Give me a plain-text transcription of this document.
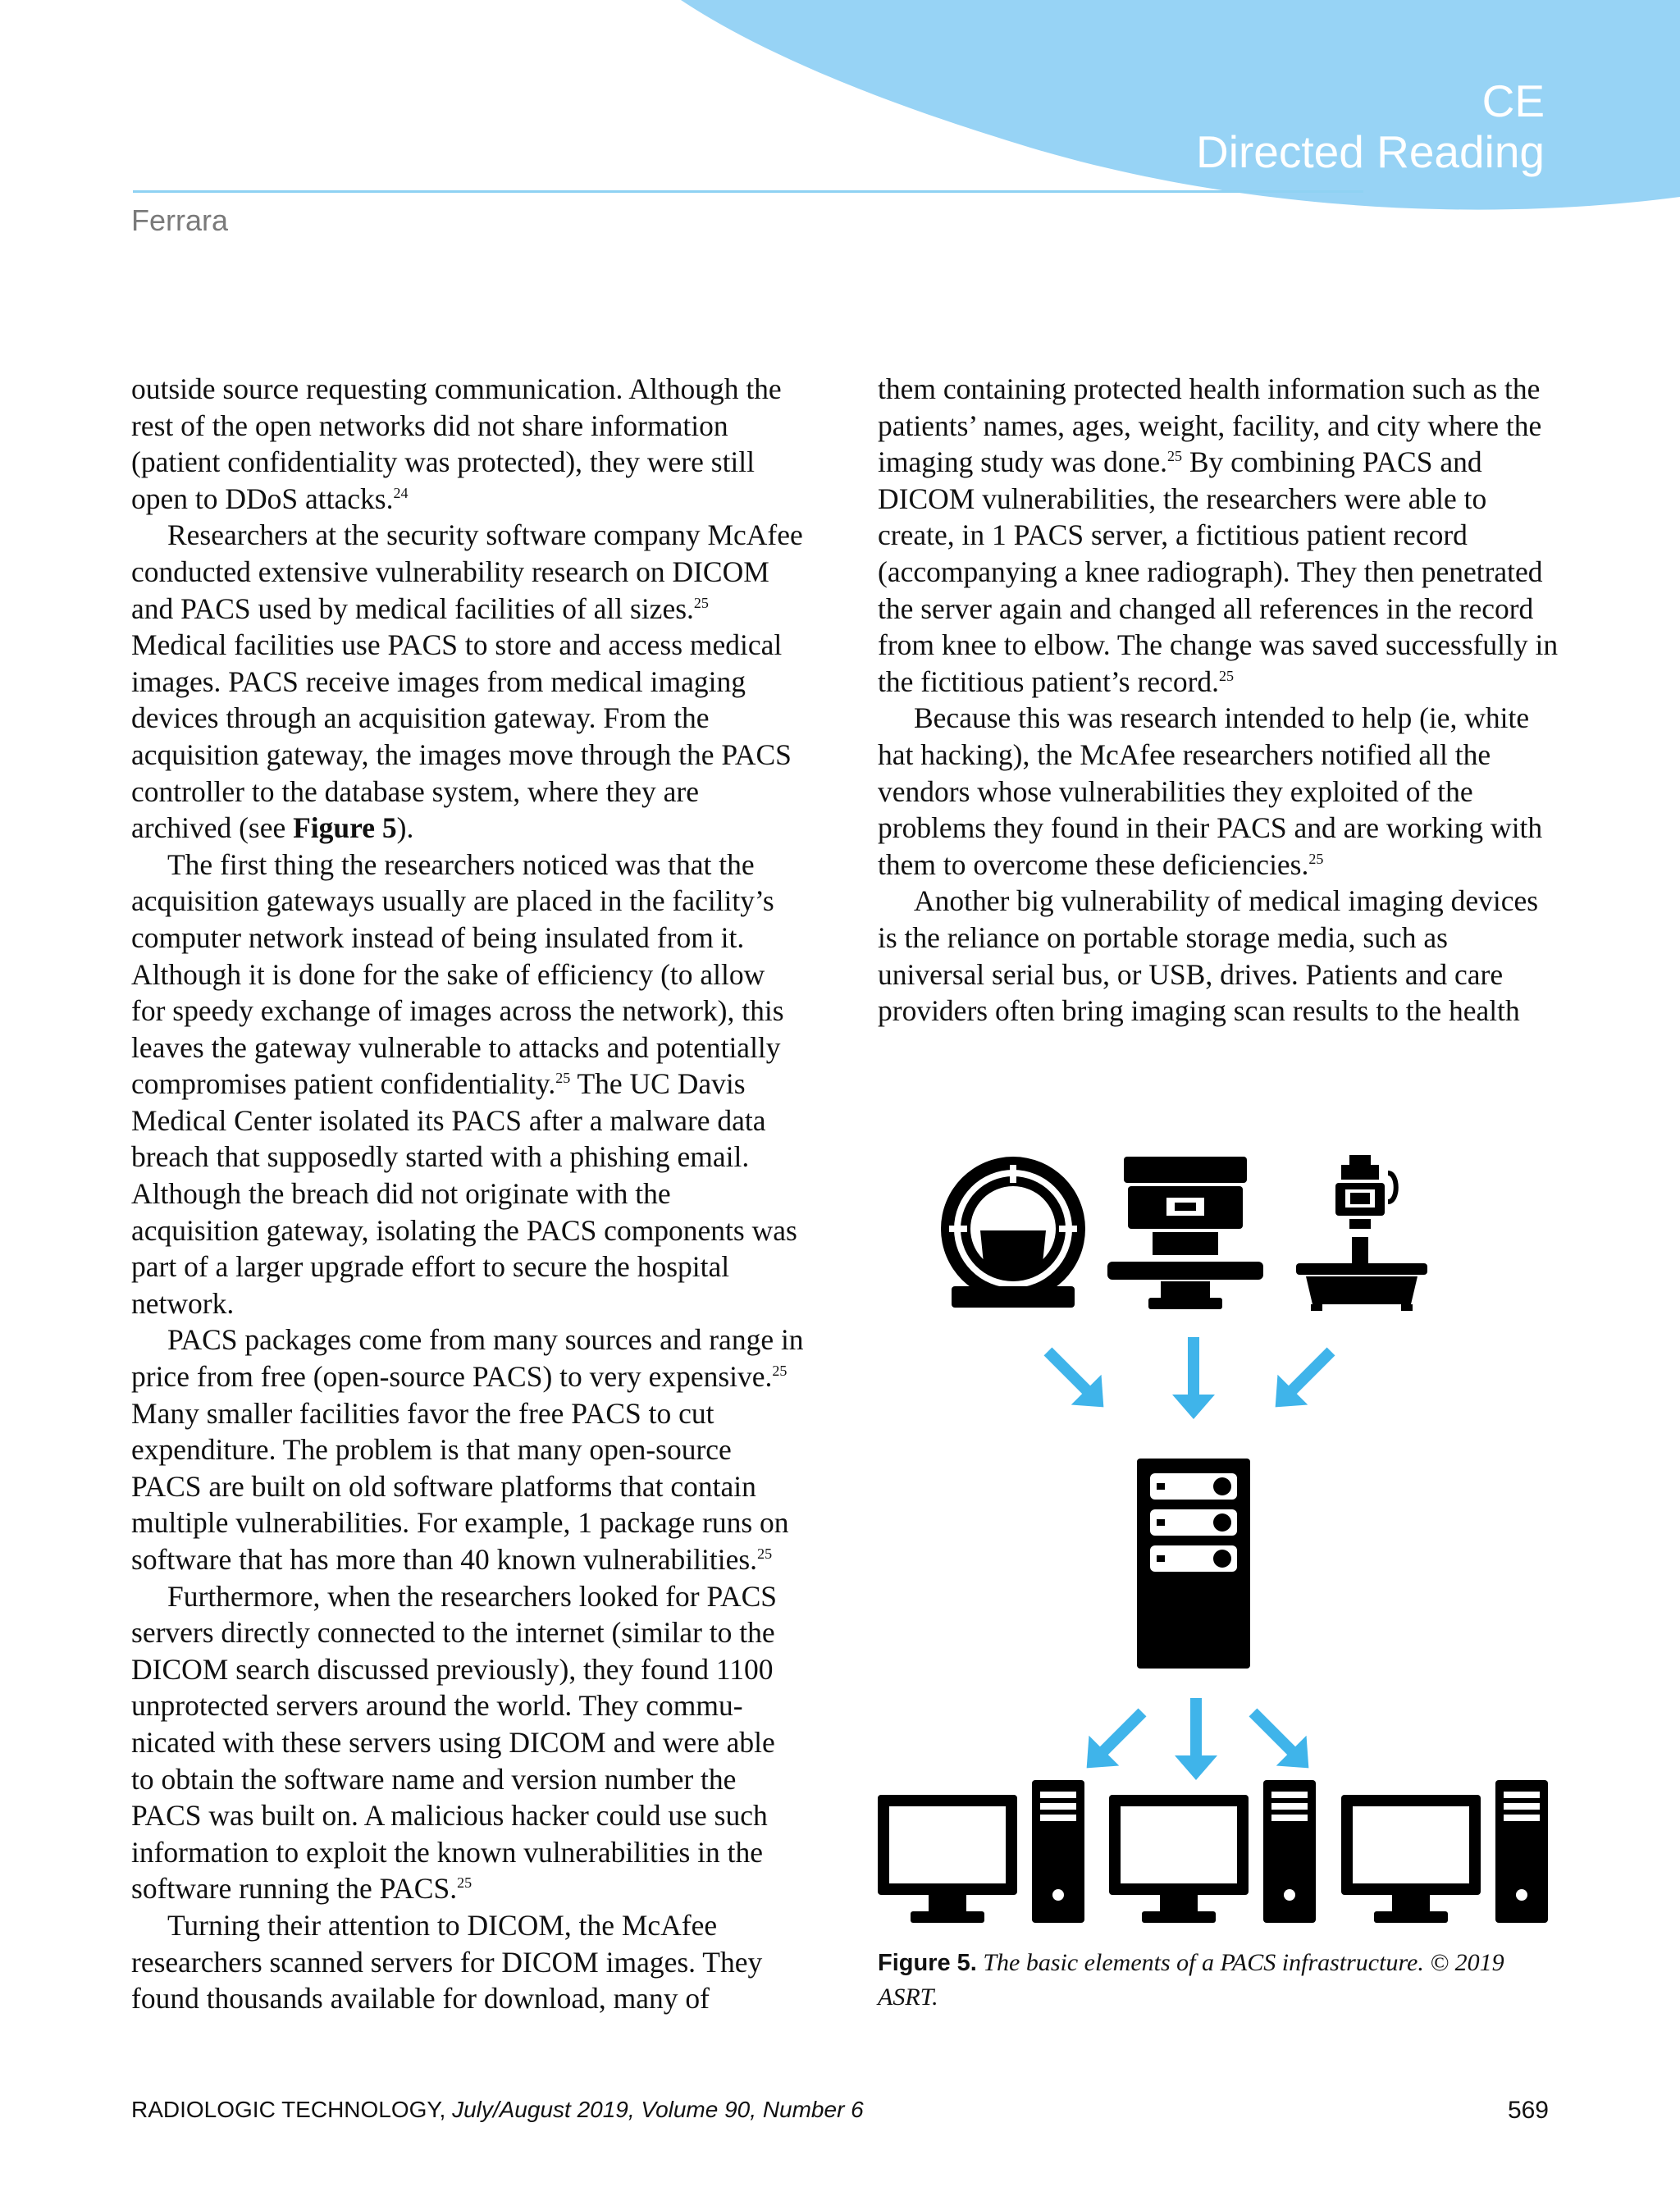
CE
Directed Reading
Ferrara

outside source requesting communication. Although the rest of the open networks did not share information (patient confidentiality was protected), they were still open to DDoS attacks.$^{24}$

Researchers at the security software company McAfee conducted extensive vulnerability research on DICOM and PACS used by medical facilities of all sizes.$^{25}$ Medical facilities use PACS to store and access medical images. PACS receive images from medical imaging devices through an acquisition gateway. From the acquisition gateway, the images move through the PACS controller to the database system, where they are archived (see Figure 5).

The first thing the researchers noticed was that the acquisition gateways usually are placed in the facility’s computer network instead of being insulated from it. Although it is done for the sake of efficiency (to allow for speedy exchange of images across the network), this leaves the gateway vulnerable to attacks and potentially compromises patient confidentiality.$^{25}$ The UC Davis Medical Center isolated its PACS after a malware data breach that supposedly started with a phishing email. Although the breach did not originate with the acquisition gateway, isolating the PACS components was part of a larger upgrade effort to secure the hospital network.

PACS packages come from many sources and range in price from free (open-source PACS) to very expensive.$^{25}$ Many smaller facilities favor the free PACS to cut expenditure. The problem is that many open-source PACS are built on old software platforms that contain multiple vulnerabilities. For example, 1 package runs on software that has more than 40 known vulnerabilities.$^{25}$

Furthermore, when the researchers looked for PACS servers directly connected to the internet (similar to the DICOM search discussed previously), they found 1100 unprotected servers around the world. They communicated with these servers using DICOM and were able to obtain the software name and version number the PACS was built on. A malicious hacker could use such information to exploit the known vulnerabilities in the software running the PACS.$^{25}$

Turning their attention to DICOM, the McAfee researchers scanned servers for DICOM images. They found thousands available for download, many of

them containing protected health information such as the patients’ names, ages, weight, facility, and city where the imaging study was done.$^{25}$ By combining PACS and DICOM vulnerabilities, the researchers were able to create, in 1 PACS server, a fictitious patient record (accompanying a knee radiograph). They then penetrated the server again and changed all references in the record from knee to elbow. The change was saved successfully in the fictitious patient’s record.$^{25}$

Because this was research intended to help (ie, white hat hacking), the McAfee researchers notified all the vendors whose vulnerabilities they exploited of the problems they found in their PACS and are working with them to overcome these deficiencies.$^{25}$

Another big vulnerability of medical imaging devices is the reliance on portable storage media, such as universal serial bus, or USB, drives. Patients and care providers often bring imaging scan results to the health

Figure 5. The basic elements of a PACS infrastructure. © 2019 ASRT.
RADIOLOGIC TECHNOLOGY, July/August 2019, Volume 90, Number 6	569
